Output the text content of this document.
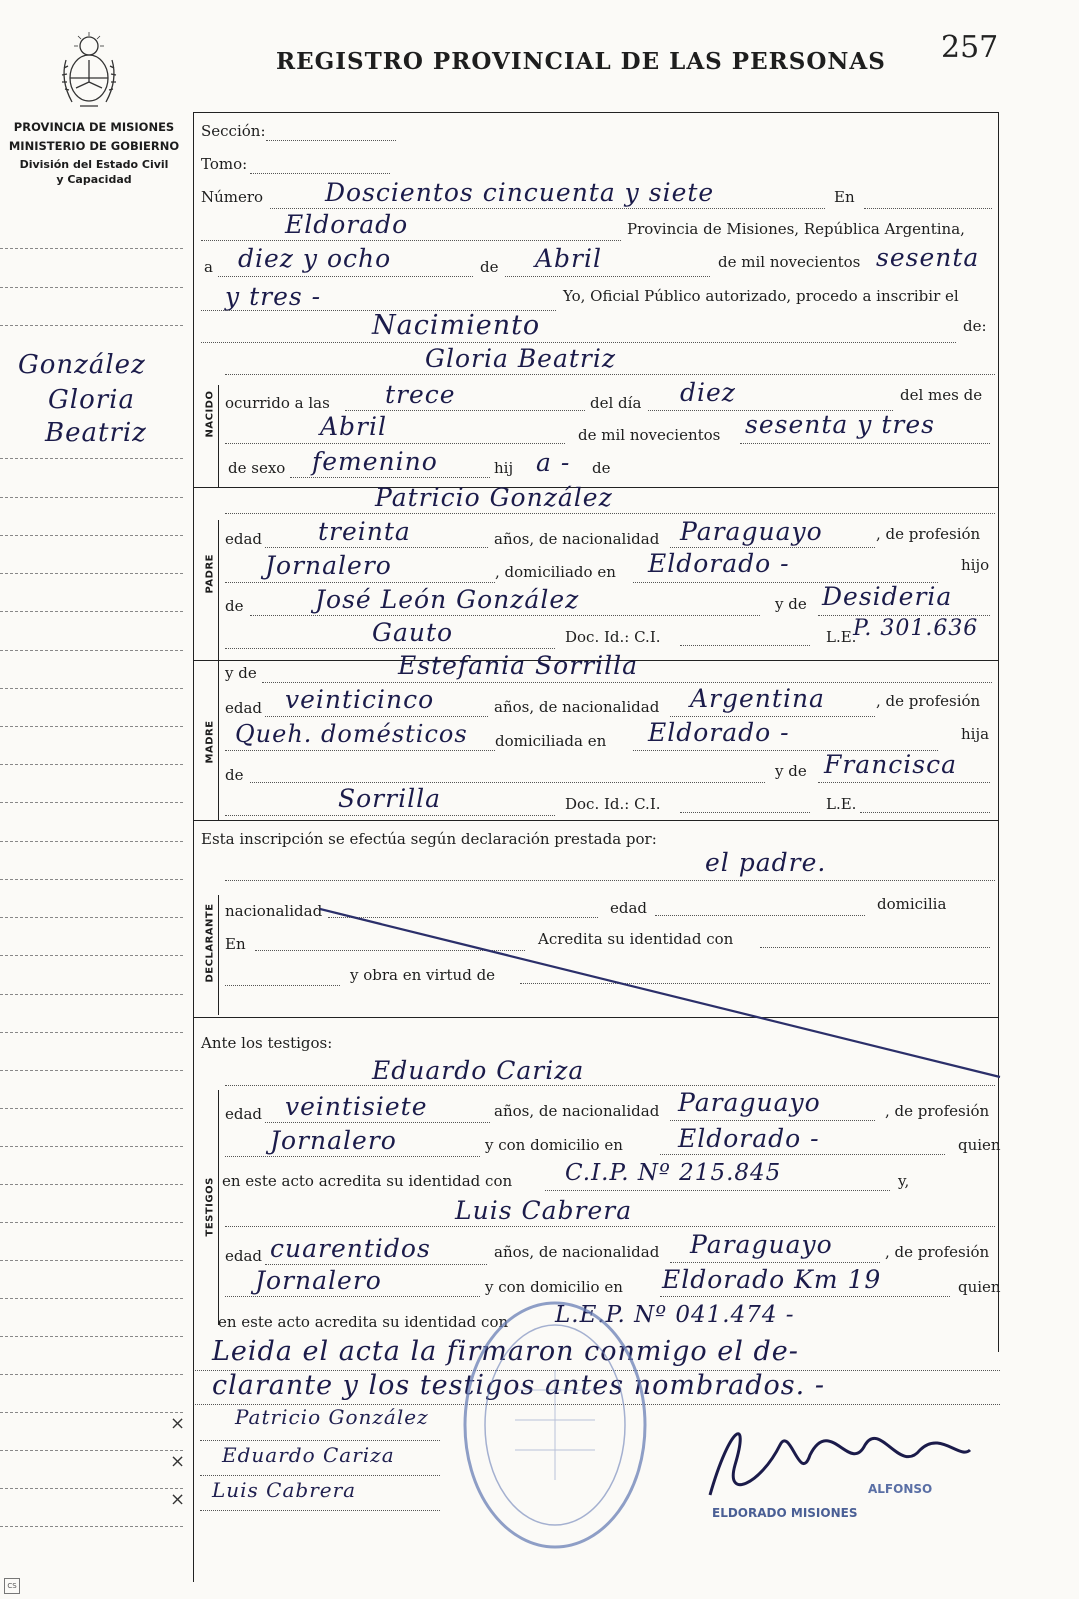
REGISTRO PROVINCIAL DE LAS PERSONAS 257
PROVINCIA DE MISIONES
MINISTERIO DE GOBIERNO
División del Estado Civil
y Capacidad
González
Gloria
Beatriz	NACIDO
PADRE
MADRE
DECLARANTE
TESTIGOS
Sección:
Tomo:
Número Doscientos cincuenta y siete	En
Eldorado	Provincia de Misiones, República Argentina,
a diez y ocho	de Abril	de mil novecientos sesenta
y tres -	Yo, Oficial Público autorizado, procedo a inscribir el
Nacimiento	de:
Gloria Beatriz
ocurrido a las trece	del día diez	del mes de
Abril	de mil novecientos sesenta y tres
de sexo femenino	hij a - de
Patricio González
edad treinta	años, de nacionalidad Paraguayo	, de profesión
Jornalero	, domiciliado en Eldorado -	hijo
de	José León González	y de Desideria
Gauto	Doc. Id.: C.I.	L.E.
P. 301.636
y de	Estefania Sorrilla
edad veinticinco	años, de nacionalidad Argentina	, de profesión
Queh. domésticos domiciliada en Eldorado -	hija
de	y de Francisca
Sorrilla	Doc. Id.: C.I.	L.E.
Esta inscripción se efectúa según declaración prestada por:
el padre.
nacionalidad	edad	domicilia
En	Acredita su identidad con
y obra en virtud de
Ante los testigos:
Eduardo Cariza
edad veintisiete	años, de nacionalidad Paraguayo	, de profesión
Jornalero	y con domicilio en Eldorado -	quien
en este acto acredita su identidad con C.I.P. Nº 215.845	y,
Luis Cabrera
edad cuarentidos	años, de nacionalidad Paraguayo	, de profesión
Jornalero	y con domicilio en Eldorado Km 19	quien
en este acto acredita su identidad con L.E.P. Nº 041.474 -
Leida el acta la firmaron conmigo el de-
clarante y los testigos antes nombrados. -
×
×
×
Patricio González
Eduardo Cariza
Luis Cabrera	ALFONSO
ELDORADO MISIONES
CS
